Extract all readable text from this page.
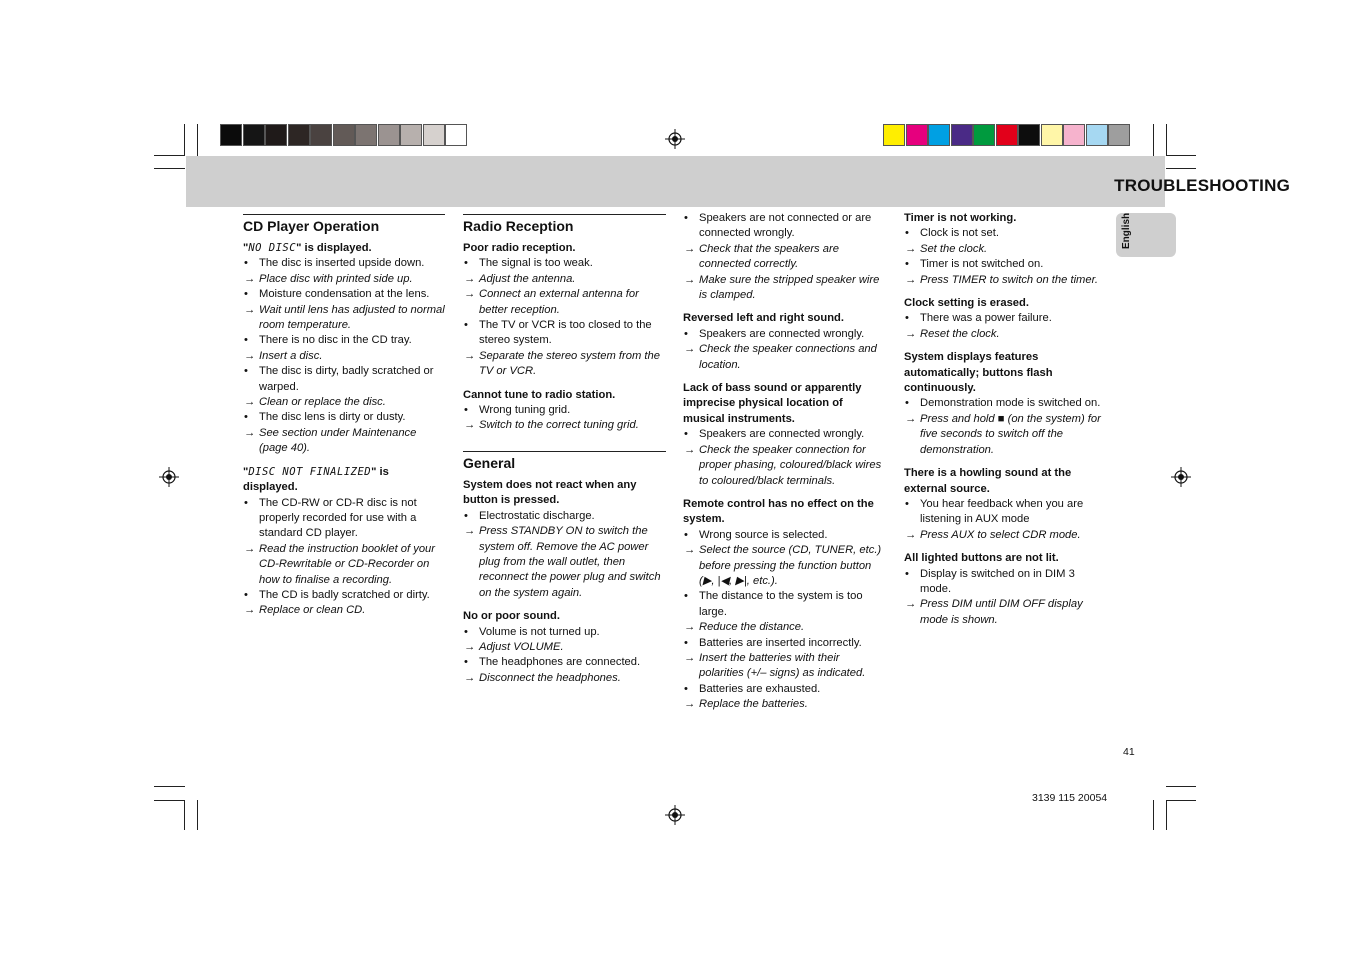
TROUBLESHOOTING
English
CD Player Operation
"NO DISC" is displayed.
• The disc is inserted upside down.
→ Place disc with printed side up.
• Moisture condensation at the lens.
→ Wait until lens has adjusted to normal room temperature.
• There is no disc in the CD tray.
→ Insert a disc.
• The disc is dirty, badly scratched or warped.
→ Clean or replace the disc.
• The disc lens is dirty or dusty.
→ See section under Maintenance (page 40).
"DISC NOT FINALIZED" is displayed.
• The CD-RW or CD-R disc is not properly recorded for use with a standard CD player.
→ Read the instruction booklet of your CD-Rewritable or CD-Recorder on how to finalise a recording.
• The CD is badly scratched or dirty.
→ Replace or clean CD.
Radio Reception
Poor radio reception.
• The signal is too weak.
→ Adjust the antenna.
→ Connect an external antenna for better reception.
• The TV or VCR is too closed to the stereo system.
→ Separate the stereo system from the TV or VCR.
Cannot tune to radio station.
• Wrong tuning grid.
→ Switch to the correct tuning grid.
General
System does not react when any button is pressed.
• Electrostatic discharge.
→ Press STANDBY ON to switch the system off. Remove the AC power plug from the wall outlet, then reconnect the power plug and switch on the system again.
No or poor sound.
• Volume is not turned up.
→ Adjust VOLUME.
• The headphones are connected.
→ Disconnect the headphones.
• Speakers are not connected or are connected wrongly.
→ Check that the speakers are connected correctly.
→ Make sure the stripped speaker wire is clamped.
Reversed left and right sound.
• Speakers are connected wrongly.
→ Check the speaker connections and location.
Lack of bass sound or apparently imprecise physical location of musical instruments.
• Speakers are connected wrongly.
→ Check the speaker connection for proper phasing, coloured/black wires to coloured/black terminals.
Remote control has no effect on the system.
• Wrong source is selected.
→ Select the source (CD, TUNER, etc.) before pressing the function button (▶, |◀, ▶|, etc.).
• The distance to the system is too large.
→ Reduce the distance.
• Batteries are inserted incorrectly.
→ Insert the batteries with their polarities (+/– signs) as indicated.
• Batteries are exhausted.
→ Replace the batteries.
Timer is not working.
• Clock is not set.
→ Set the clock.
• Timer is not switched on.
→ Press TIMER to switch on the timer.
Clock setting is erased.
• There was a power failure.
→ Reset the clock.
System displays features automatically; buttons flash continuously.
• Demonstration mode is switched on.
→ Press and hold ■ (on the system) for five seconds to switch off the demonstration.
There is a howling sound at the external source.
• You hear feedback when you are listening in AUX mode
→ Press AUX to select CDR mode.
All lighted buttons are not lit.
• Display is switched on in DIM 3 mode.
→ Press DIM until DIM OFF display mode is shown.
41
3139 115 20054
